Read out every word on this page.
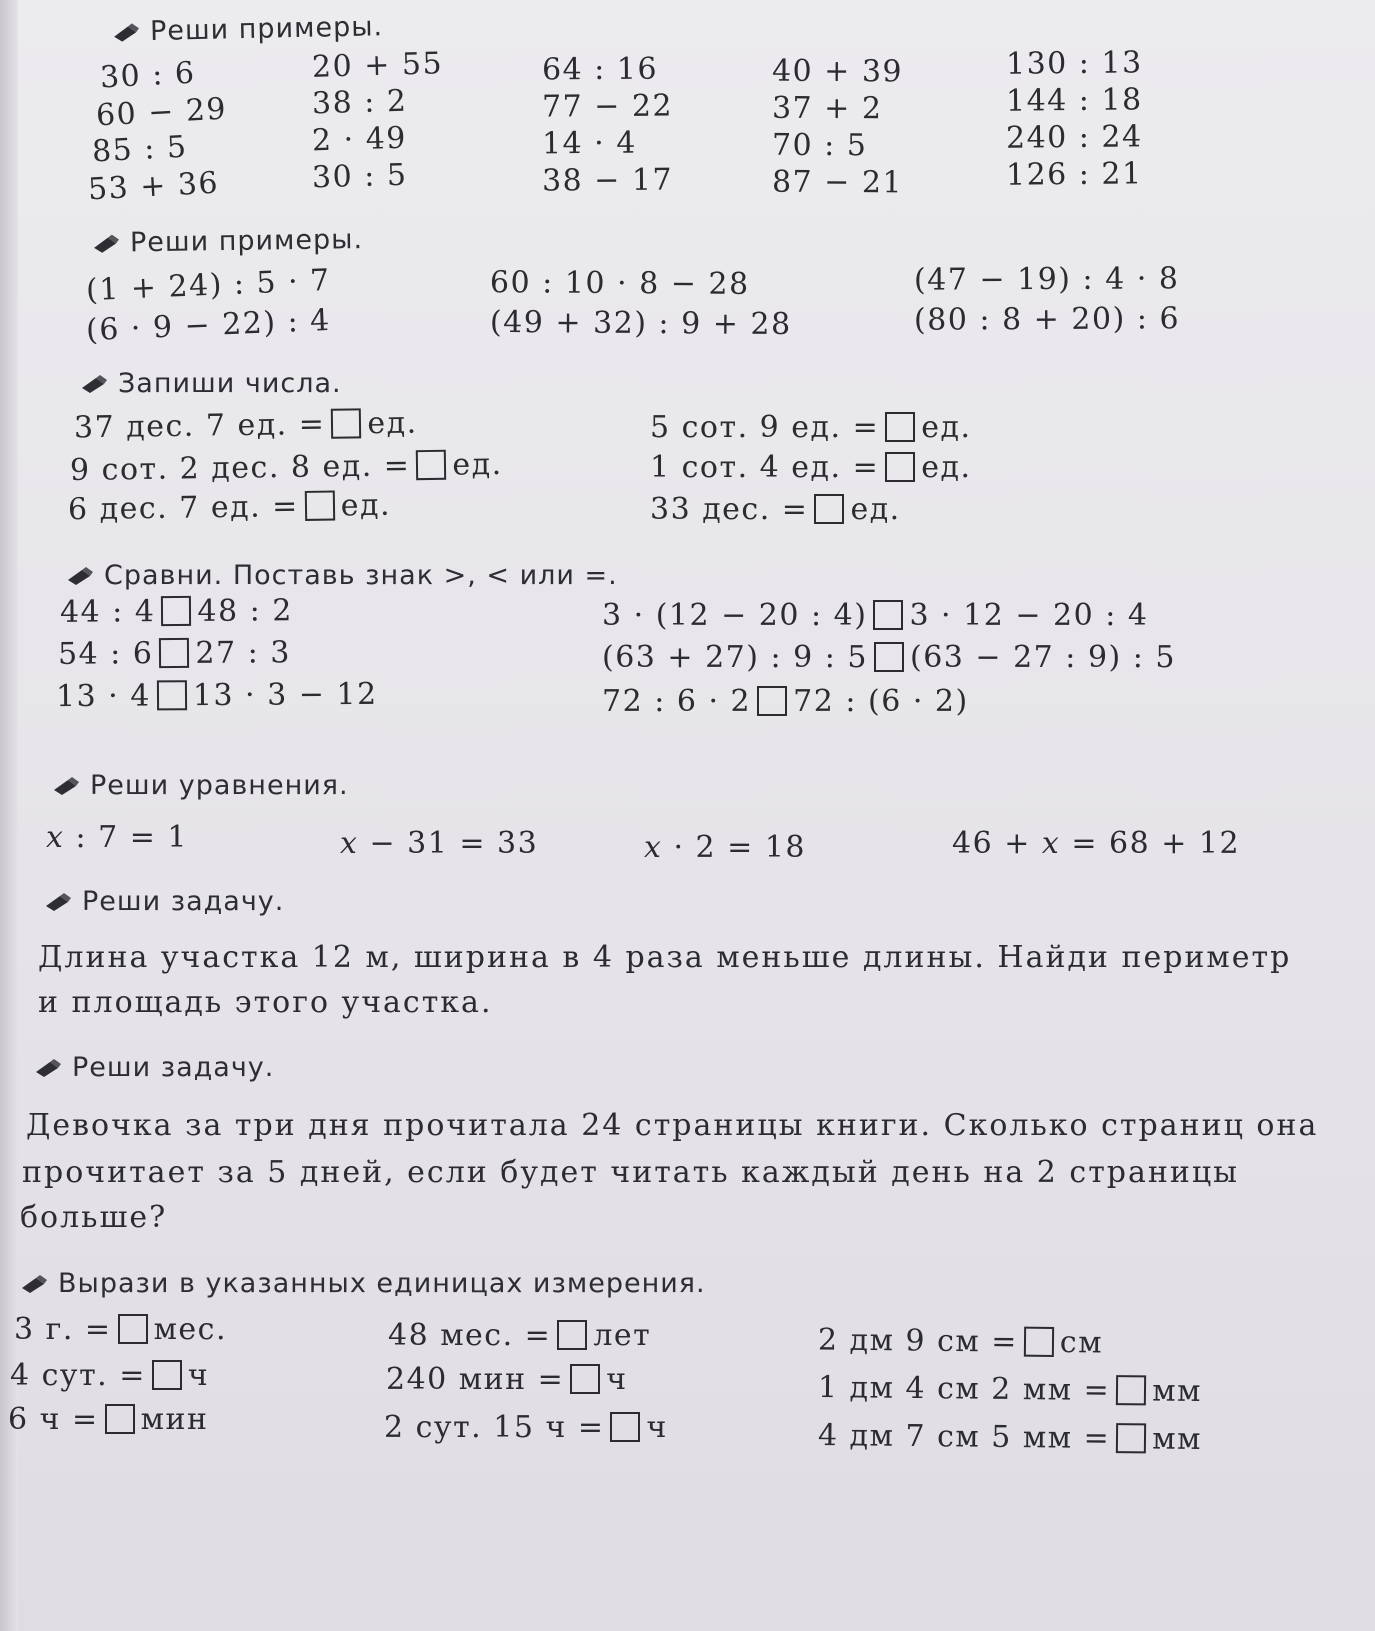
Реши примеры.
30 : 6
60 − 29
85 : 5
53 + 36
20 + 55
38 : 2
2 · 49
30 : 5
64 : 16
77 − 22
14 · 4
38 − 17
40 + 39
37 + 2
70 : 5
87 − 21
130 : 13
144 : 18
240 : 24
126 : 21
Реши примеры.
(1 + 24) : 5 · 7
(6 · 9 − 22) : 4
60 : 10 · 8 − 28
(49 + 32) : 9 + 28
(47 − 19) : 4 · 8
(80 : 8 + 20) : 6
Запиши числа.
37 дес. 7 ед. = ед.
9 сот. 2 дес. 8 ед. = ед.
6 дес. 7 ед. = ед.
5 сот. 9 ед. = ед.
1 сот. 4 ед. = ед.
33 дес. = ед.
Сравни. Поставь знак >, < или =.
44 : 4 48 : 2
54 : 6 27 : 3
13 · 4 13 · 3 − 12
3 · (12 − 20 : 4) 3 · 12 − 20 : 4
(63 + 27) : 9 : 5 (63 − 27 : 9) : 5
72 : 6 · 2 72 : (6 · 2)
Реши уравнения.
x : 7 = 1	x − 31 = 33	x · 2 = 18	46 + x = 68 + 12
Реши задачу.
Длина участка 12 м, ширина в 4 раза меньше длины. Найди периметр
и площадь этого участка.
Реши задачу.
Девочка за три дня прочитала 24 страницы книги. Сколько страниц она
прочитает за 5 дней, если будет читать каждый день на 2 страницы
больше?
Вырази в указанных единицах измерения.
3 г. = мес.
4 сут. = ч
6 ч = мин
48 мес. = лет
240 мин = ч
2 сут. 15 ч = ч
2 дм 9 см = см
1 дм 4 см 2 мм = мм
4 дм 7 см 5 мм = мм
